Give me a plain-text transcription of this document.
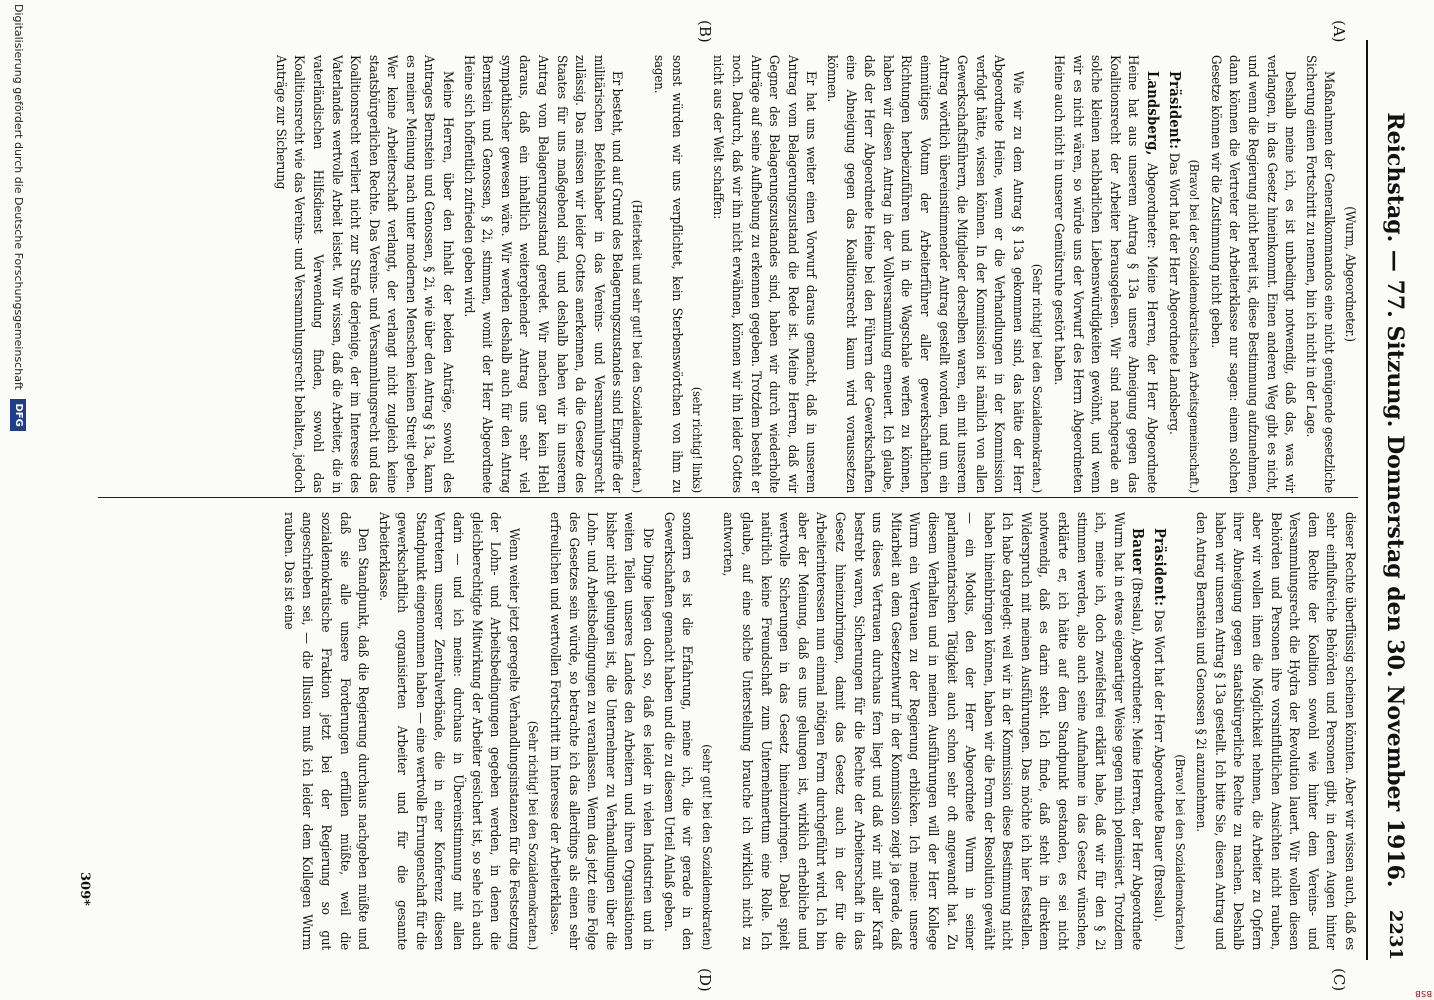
BSB
Reichstag. — 77. Sitzung. Donnerstag den 30. November 1916.
2231
(A)
(B)
(C)
(D)

(Wurm, Abgeordneter.)

Maßnahmen der Generalkommandos eine nicht genügende gesetzliche Sicherung einen Fortschritt zu nennen, bin ich nicht in der Lage.

Deshalb meine ich, es ist unbedingt notwendig, daß das, was wir verlangen, in das Gesetz hineinkommt. Einen anderen Weg gibt es nicht, und wenn die Regierung nicht bereit ist, diese Bestimmung aufzunehmen, dann können die Vertreter der Arbeiterklasse nur sagen: einem solchen Gesetze können wir die Zustimmung nicht geben.

(Bravo! bei der Sozialdemokratischen Arbeitsgemeinschaft.)

Präsident: Das Wort hat der Herr Abgeordnete Landsberg.

Landsberg, Abgeordneter: Meine Herren, der Herr Abgeordnete Heine hat aus unserem Antrag § 13a unsere Abneigung gegen das Koalitionsrecht der Arbeiter herausgelesen. Wir sind nachgerade an solche kleinen nachbarlichen Liebenswürdigkeiten gewöhnt, und wenn wir es nicht wären, so würde uns der Vorwurf des Herrn Abgeordneten Heine auch nicht in unserer Gemütsruhe gestört haben.

(Sehr richtig! bei den Sozialdemokraten.)

Wie wir zu dem Antrag § 13a gekommen sind, das hätte der Herr Abgeordnete Heine, wenn er die Verhandlungen in der Kommission verfolgt hätte, wissen können. In der Kommission ist nämlich von allen Gewerkschaftsführern, die Mitglieder derselben waren, ein mit unserem Antrag wörtlich übereinstimmender Antrag gestellt worden, und um ein einmütiges Votum der Arbeiterführer aller gewerkschaftlichen Richtungen herbeizuführen und in die Wagschale werfen zu können, haben wir diesen Antrag in der Vollversammlung erneuert. Ich glaube, daß der Herr Abgeordnete Heine bei den Führern der Gewerkschaften eine Abneigung gegen das Koalitionsrecht kaum wird voraussetzen können.

Er hat uns weiter einen Vorwurf daraus gemacht, daß in unserem Antrag vom Belagerungszustand die Rede ist. Meine Herren, daß wir Gegner des Belagerungszustandes sind, haben wir durch wiederholte Anträge auf seine Aufhebung zu erkennen gegeben. Trotzdem besteht er noch. Dadurch, daß wir ihn nicht erwähnen, können wir ihn leider Gottes nicht aus der Welt schaffen:

(sehr richtig! links)

sonst würden wir uns verpflichtet, kein Sterbenswörtchen von ihm zu sagen.

(Heiterkeit und sehr gut! bei den Sozialdemokraten.)

Er besteht, und auf Grund des Belagerungszustandes sind Eingriffe der militärischen Befehlshaber in das Vereins- und Versammlungsrecht zulässig. Das müssen wir leider Gottes anerkennen, da die Gesetze des Staates für uns maßgebend sind, und deshalb haben wir in unserem Antrag vom Belagerungszustand geredet. Wir machen gar kein Hehl daraus, daß ein inhaltlich weitergehender Antrag uns sehr viel sympathischer gewesen wäre. Wir werden deshalb auch für den Antrag Bernstein und Genossen, § 2i, stimmen, womit der Herr Abgeordnete Heine sich hoffentlich zufrieden geben wird.

Meine Herren, über den Inhalt der beiden Anträge, sowohl des Antrages Bernstein und Genossen, § 2i, wie über den Antrag § 13a, kann es meiner Meinung nach unter modernen Menschen keinen Streit geben. Wer keine Arbeiterschaft verlangt, der verlangt nicht zugleich keine staatsbürgerlichen Rechte. Das Vereins- und Versammlungsrecht und das Koalitionsrecht verliert nicht zur Strafe derjenige, der im Interesse des Vaterlandes wertvolle Arbeit leistet. Wir wissen, daß die Arbeiter, die in vaterländischen Hilfsdienst Verwendung finden, sowohl das Koalitionsrecht wie das Vereins- und Versammlungsrecht behalten, jedoch Anträge zur Sicherung

dieser Rechte überflüssig scheinen könnten. Aber wir wissen auch, daß es sehr einflußreiche Behörden und Personen gibt, in deren Augen hinter dem Rechte der Koalition sowohl wie hinter dem Vereins- und Versammlungsrecht die Hydra der Revolution lauert. Wir wollen diesen Behörden und Personen ihre vorsintflutlichen Ansichten nicht rauben, aber wir wollen ihnen die Möglichkeit nehmen, die Arbeiter zu Opfern ihrer Abneigung gegen staatsbürgerliche Rechte zu machen. Deshalb haben wir unseren Antrag § 13a gestellt. Ich bitte Sie, diesen Antrag und den Antrag Bernstein und Genossen § 2i anzunehmen.

(Bravo! bei den Sozialdemokraten.)

Präsident: Das Wort hat der Herr Abgeordnete Bauer (Breslau).

Bauer (Breslau), Abgeordneter: Meine Herren, der Herr Abgeordnete Wurm hat in etwas eigenartiger Weise gegen mich polemisiert. Trotzdem ich, meine ich, doch zweifelsfrei erklärt habe, daß wir für den § 2i stimmen werden, also auch seine Aufnahme in das Gesetz wünschen, erklärte er, ich hätte auf dem Standpunkt gestanden, es sei nicht notwendig, daß es darin steht. Ich finde, daß steht in direktem Widerspruch mit meinen Ausführungen. Das möchte ich hier feststellen. Ich habe dargelegt: weil wir in der Kommission diese Bestimmung nicht haben hineinbringen können, haben wir die Form der Resolution gewählt — ein Modus, den der Herr Abgeordnete Wurm in seiner parlamentarischen Tätigkeit auch schon sehr oft angewandt hat. Zu diesem Verhalten und in meinen Ausführungen will der Herr Kollege Wurm ein Vertrauen zu der Regierung erblicken. Ich meine: unsere Mitarbeit an dem Gesetzentwurf in der Kommission zeigt ja gerade, daß uns dieses Vertrauen durchaus fern liegt und daß wir mit aller Kraft bestrebt waren, Sicherungen für die Rechte der Arbeiterschaft in das Gesetz hineinzubringen, damit das Gesetz auch in der für die Arbeiterinteressen nun einmal nötigen Form durchgeführt wird. Ich bin aber der Meinung, daß es uns gelungen ist, wirklich erhebliche und wertvolle Sicherungen in das Gesetz hineinzubringen. Dabei spielt natürlich keine Freundschaft zum Unternehmertum eine Rolle. Ich glaube, auf eine solche Unterstellung brauche ich wirklich nicht zu antworten,

(sehr gut! bei den Sozialdemokraten)

sondern es ist die Erfahrung, meine ich, die wir gerade in den Gewerkschaften gemacht haben und die zu diesem Urteil Anlaß geben.

Die Dinge liegen doch so, daß es leider in vielen Industrien und in weiten Teilen unseres Landes den Arbeitern und ihren Organisationen bisher nicht gelungen ist, die Unternehmer zu Verhandlungen über die Lohn- und Arbeitsbedingungen zu veranlassen. Wenn das jetzt eine Folge des Gesetzes sein würde, so betrachte ich das allerdings als einen sehr erfreulichen und wertvollen Fortschritt im Interesse der Arbeiterklasse.

(Sehr richtig! bei den Sozialdemokraten.)

Wenn weiter jetzt geregelte Verhandlungsinstanzen für die Festsetzung der Lohn- und Arbeitsbedingungen gegeben werden, in denen die gleichberechtigte Mitwirkung der Arbeiter gesichert ist, so sehe ich auch darin — und ich meine: durchaus in Übereinstimmung mit allen Vertretern unserer Zentralverbände, die in einer Konferenz diesen Standpunkt eingenommen haben — eine wertvolle Errungenschaft für die gewerkschaftlich organisierten Arbeiter und für die gesamte Arbeiterklasse.

Den Standpunkt, daß die Regierung durchaus nachgeben müßte und daß sie alle unsere Forderungen erfüllen müßte, weil die sozialdemokratische Fraktion jetzt bei der Regierung so gut angeschrieben sei, — die Illusion muß ich leider dem Kollegen Wurm rauben. Das ist eine

309*
Digitalisierung gefördert durch die Deutsche Forschungsgemeinschaft DFG
